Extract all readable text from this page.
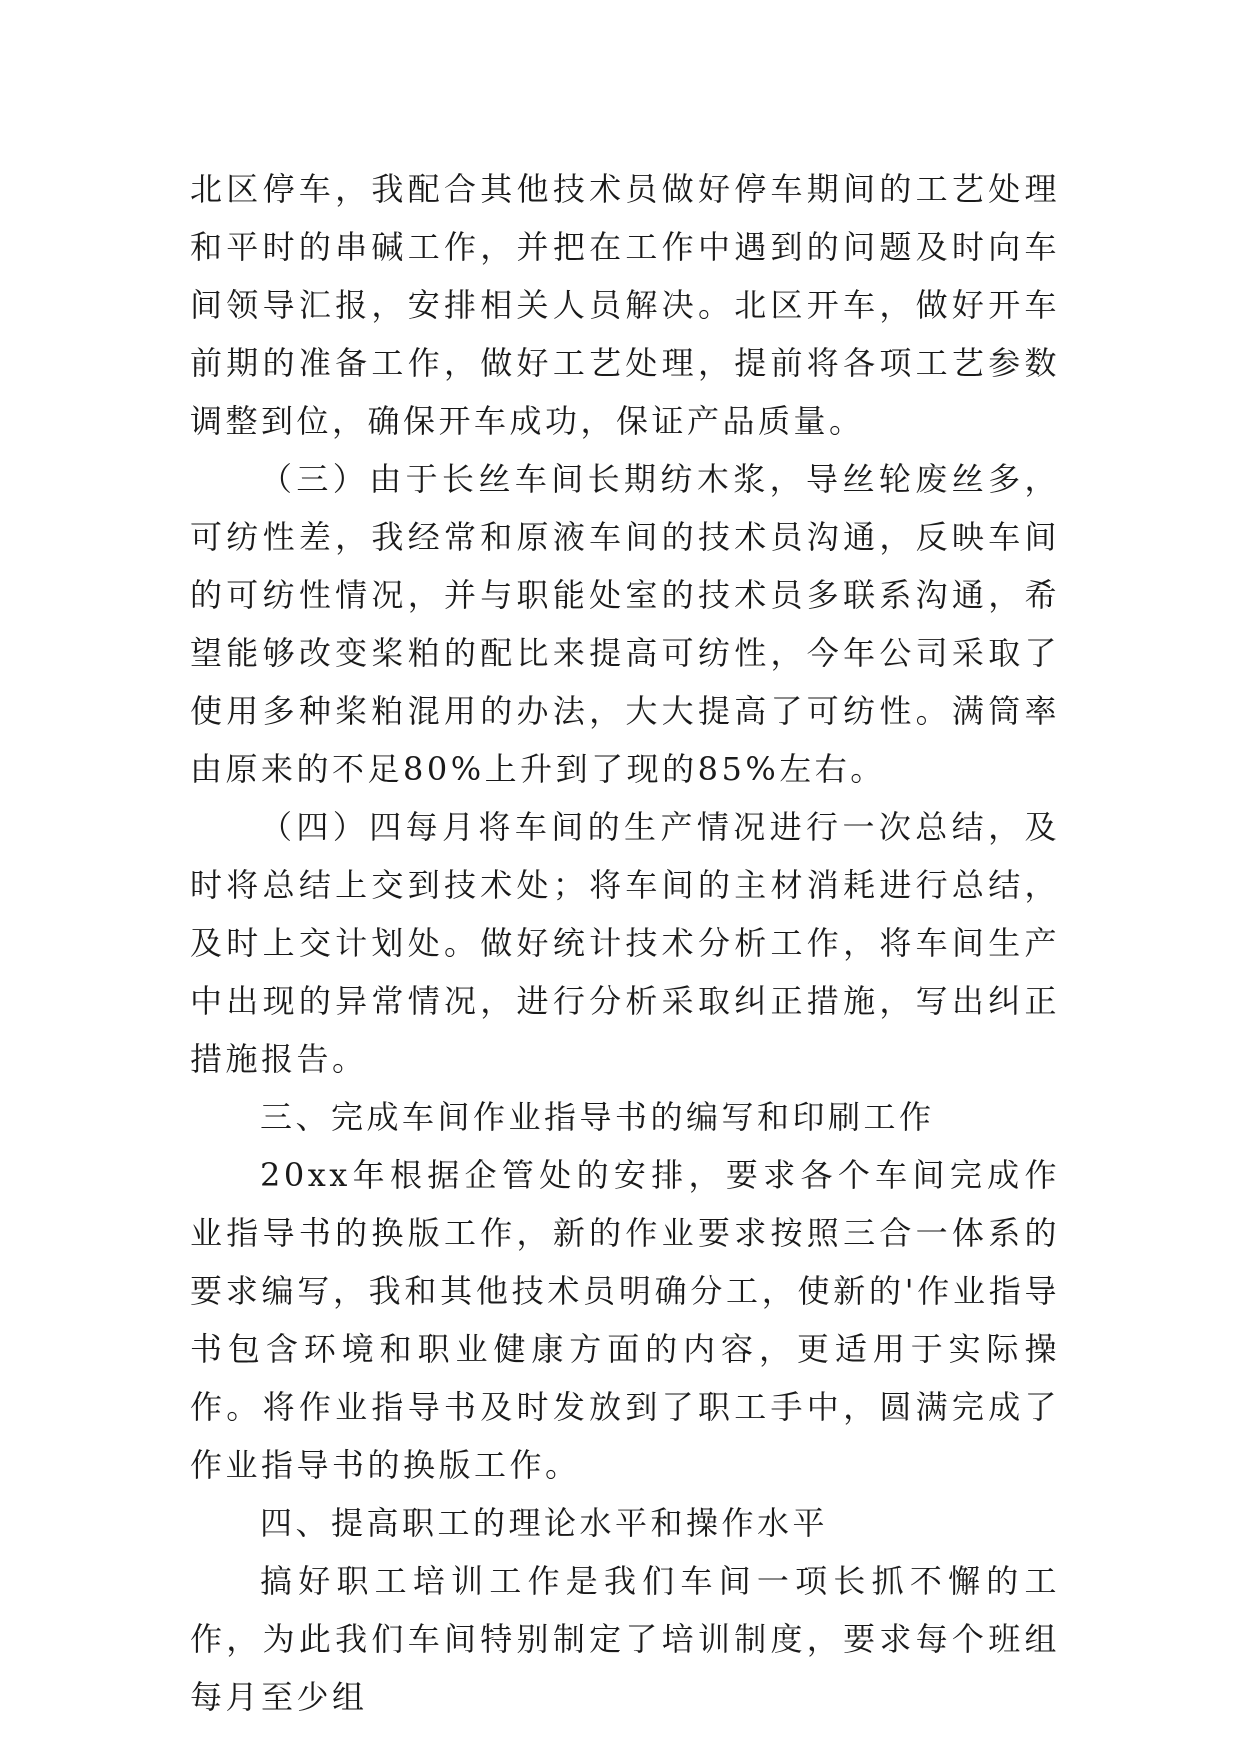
北区停车，我配合其他技术员做好停车期间的工艺处理和平时的串碱工作，并把在工作中遇到的问题及时向车间领导汇报，安排相关人员解决。北区开车，做好开车前期的准备工作，做好工艺处理，提前将各项工艺参数调整到位，确保开车成功，保证产品质量。

（三）由于长丝车间长期纺木浆，导丝轮废丝多，可纺性差，我经常和原液车间的技术员沟通，反映车间的可纺性情况，并与职能处室的技术员多联系沟通，希望能够改变桨粕的配比来提高可纺性，今年公司采取了使用多种桨粕混用的办法，大大提高了可纺性。满筒率由原来的不足80%上升到了现的85%左右。

（四）四每月将车间的生产情况进行一次总结，及时将总结上交到技术处；将车间的主材消耗进行总结，及时上交计划处。做好统计技术分析工作，将车间生产中出现的异常情况，进行分析采取纠正措施，写出纠正措施报告。

三、完成车间作业指导书的编写和印刷工作

20xx年根据企管处的安排，要求各个车间完成作业指导书的换版工作，新的作业要求按照三合一体系的要求编写，我和其他技术员明确分工，使新的'作业指导书包含环境和职业健康方面的内容，更适用于实际操作。将作业指导书及时发放到了职工手中，圆满完成了作业指导书的换版工作。

四、提高职工的理论水平和操作水平

搞好职工培训工作是我们车间一项长抓不懈的工作，为此我们车间特别制定了培训制度，要求每个班组每月至少组
